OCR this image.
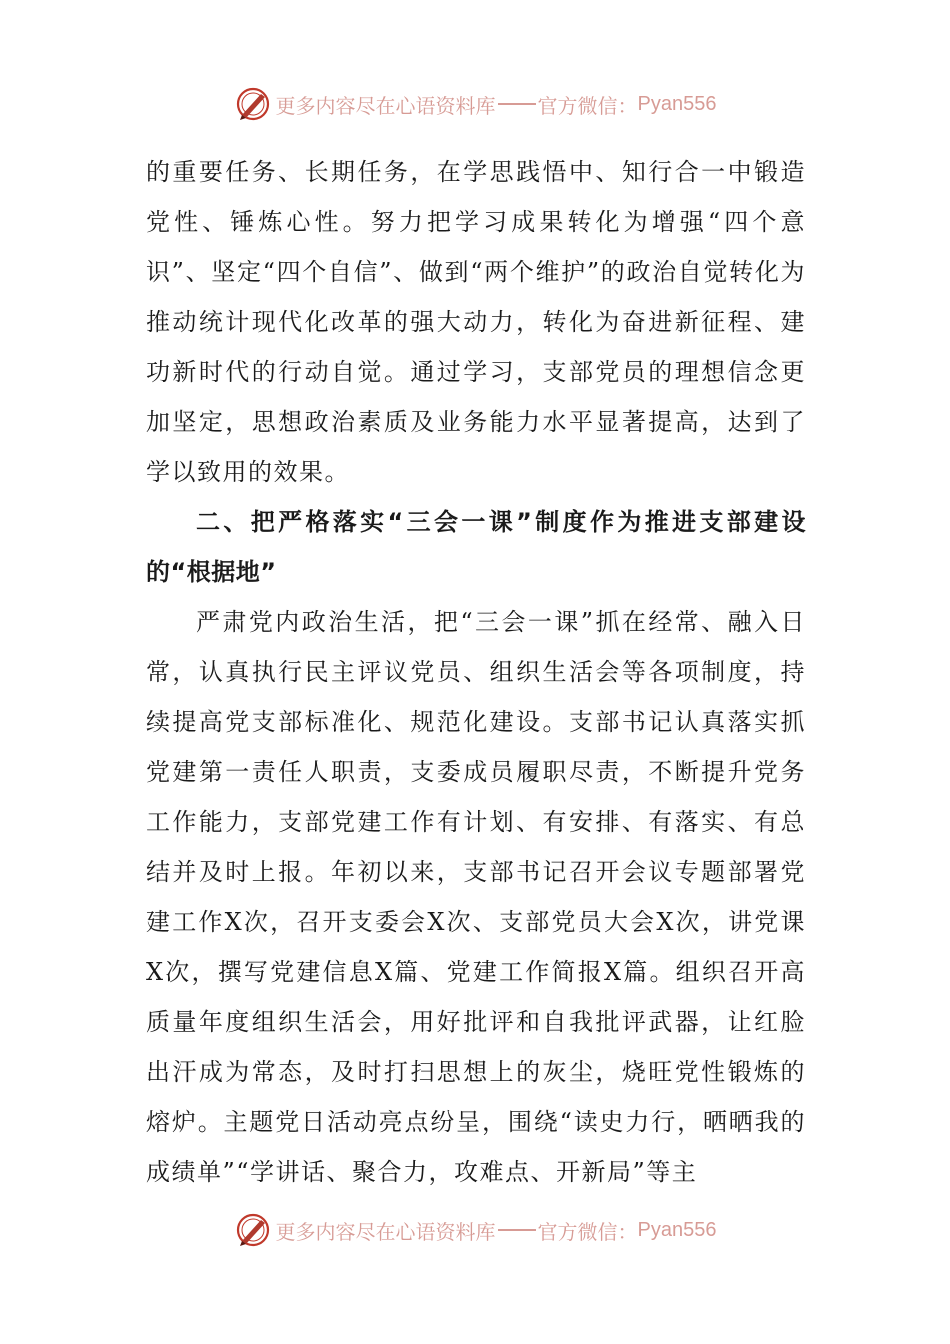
更多内容尽在心语资料库 官方微信： Pyan556

的重要任务、长期任务，在学思践悟中、知行合一中锻造党性、锤炼心性。努力把学习成果转化为增强“四个意识”、坚定“四个自信”、做到“两个维护”的政治自觉转化为推动统计现代化改革的强大动力，转化为奋进新征程、建功新时代的行动自觉。通过学习，支部党员的理想信念更加坚定，思想政治素质及业务能力水平显著提高，达到了学以致用的效果。

二、把严格落实“三会一课”制度作为推进支部建设的“根据地”

严肃党内政治生活，把“三会一课”抓在经常、融入日常，认真执行民主评议党员、组织生活会等各项制度，持续提高党支部标准化、规范化建设。支部书记认真落实抓党建第一责任人职责，支委成员履职尽责，不断提升党务工作能力，支部党建工作有计划、有安排、有落实、有总结并及时上报。年初以来，支部书记召开会议专题部署党建工作X次，召开支委会X次、支部党员大会X次，讲党课X次，撰写党建信息X篇、党建工作简报X篇。组织召开高质量年度组织生活会，用好批评和自我批评武器，让红脸出汗成为常态，及时打扫思想上的灰尘，烧旺党性锻炼的熔炉。主题党日活动亮点纷呈，围绕“读史力行，晒晒我的成绩单”“学讲话、聚合力，攻难点、开新局”等主

更多内容尽在心语资料库 官方微信： Pyan556
